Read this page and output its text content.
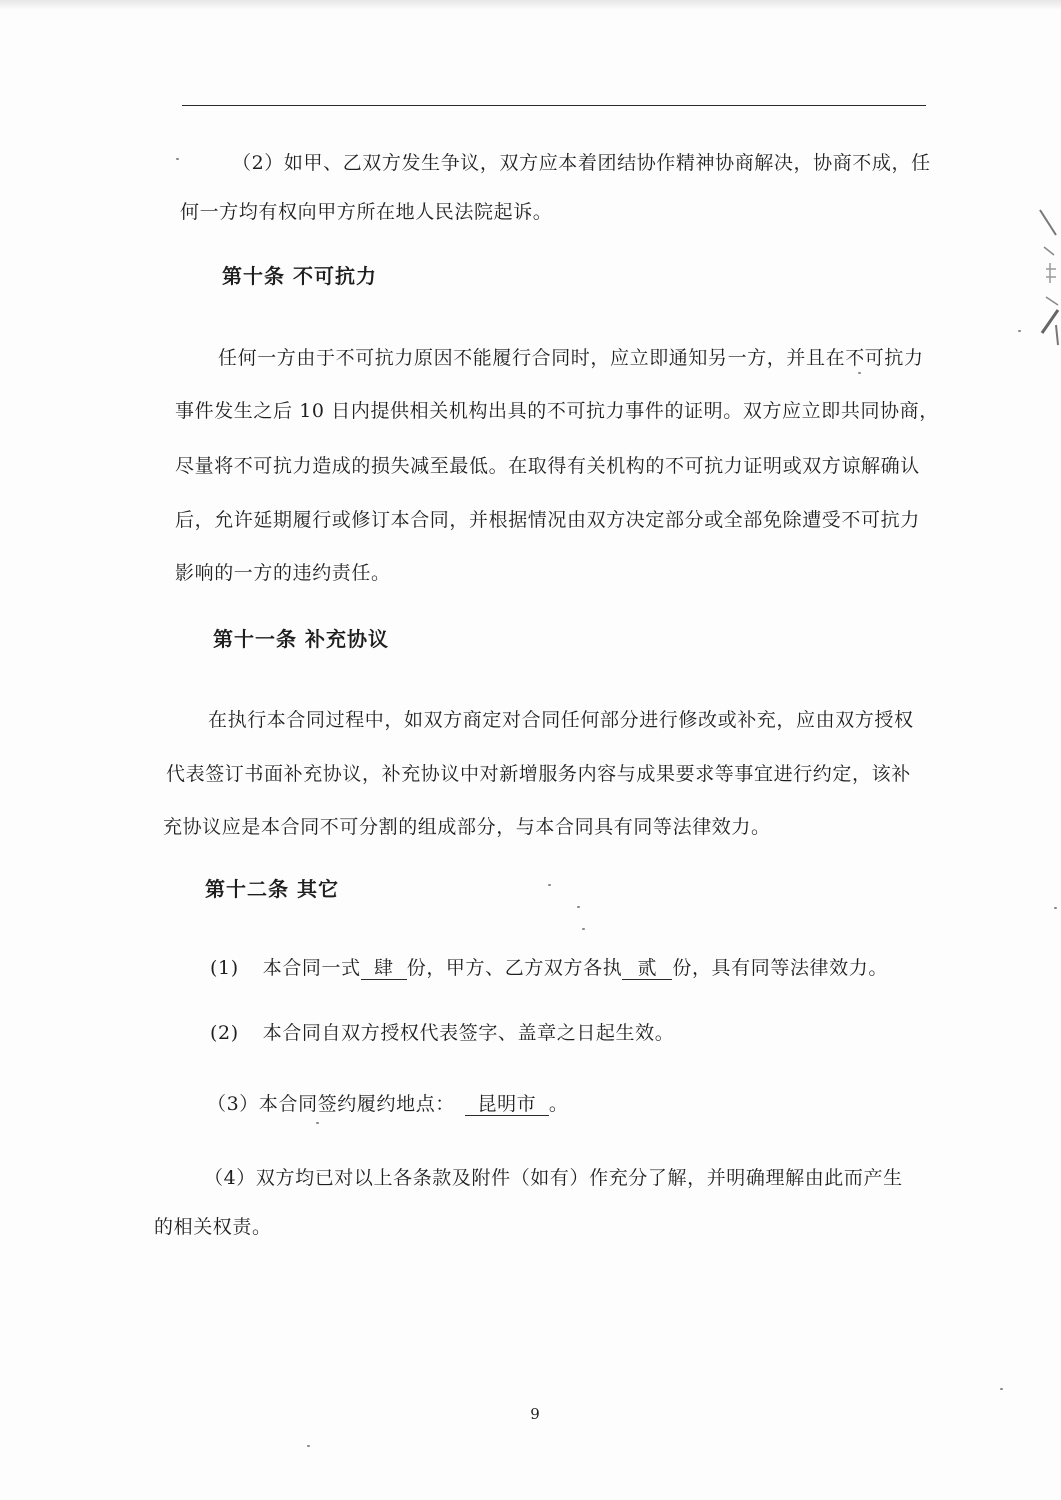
（2）如甲、乙双方发生争议，双方应本着团结协作精神协商解决，协商不成，任
何一方均有权向甲方所在地人民法院起诉。
第十条 不可抗力
任何一方由于不可抗力原因不能履行合同时，应立即通知另一方，并且在不可抗力
事件发生之后 10 日内提供相关机构出具的不可抗力事件的证明。双方应立即共同协商，
尽量将不可抗力造成的损失减至最低。在取得有关机构的不可抗力证明或双方谅解确认
后，允许延期履行或修订本合同，并根据情况由双方决定部分或全部免除遭受不可抗力
影响的一方的违约责任。
第十一条 补充协议
在执行本合同过程中，如双方商定对合同任何部分进行修改或补充，应由双方授权
代表签订书面补充协议，补充协议中对新增服务内容与成果要求等事宜进行约定，该补
充协议应是本合同不可分割的组成部分，与本合同具有同等法律效力。
第十二条 其它
(1) 本合同一式 肆 份，甲方、乙方双方各执 贰 份，具有同等法律效力。
(2) 本合同自双方授权代表签字、盖章之日起生效。
（3）本合同签约履约地点： 昆明市 。
（4）双方均已对以上各条款及附件（如有）作充分了解，并明确理解由此而产生
的相关权责。
9
